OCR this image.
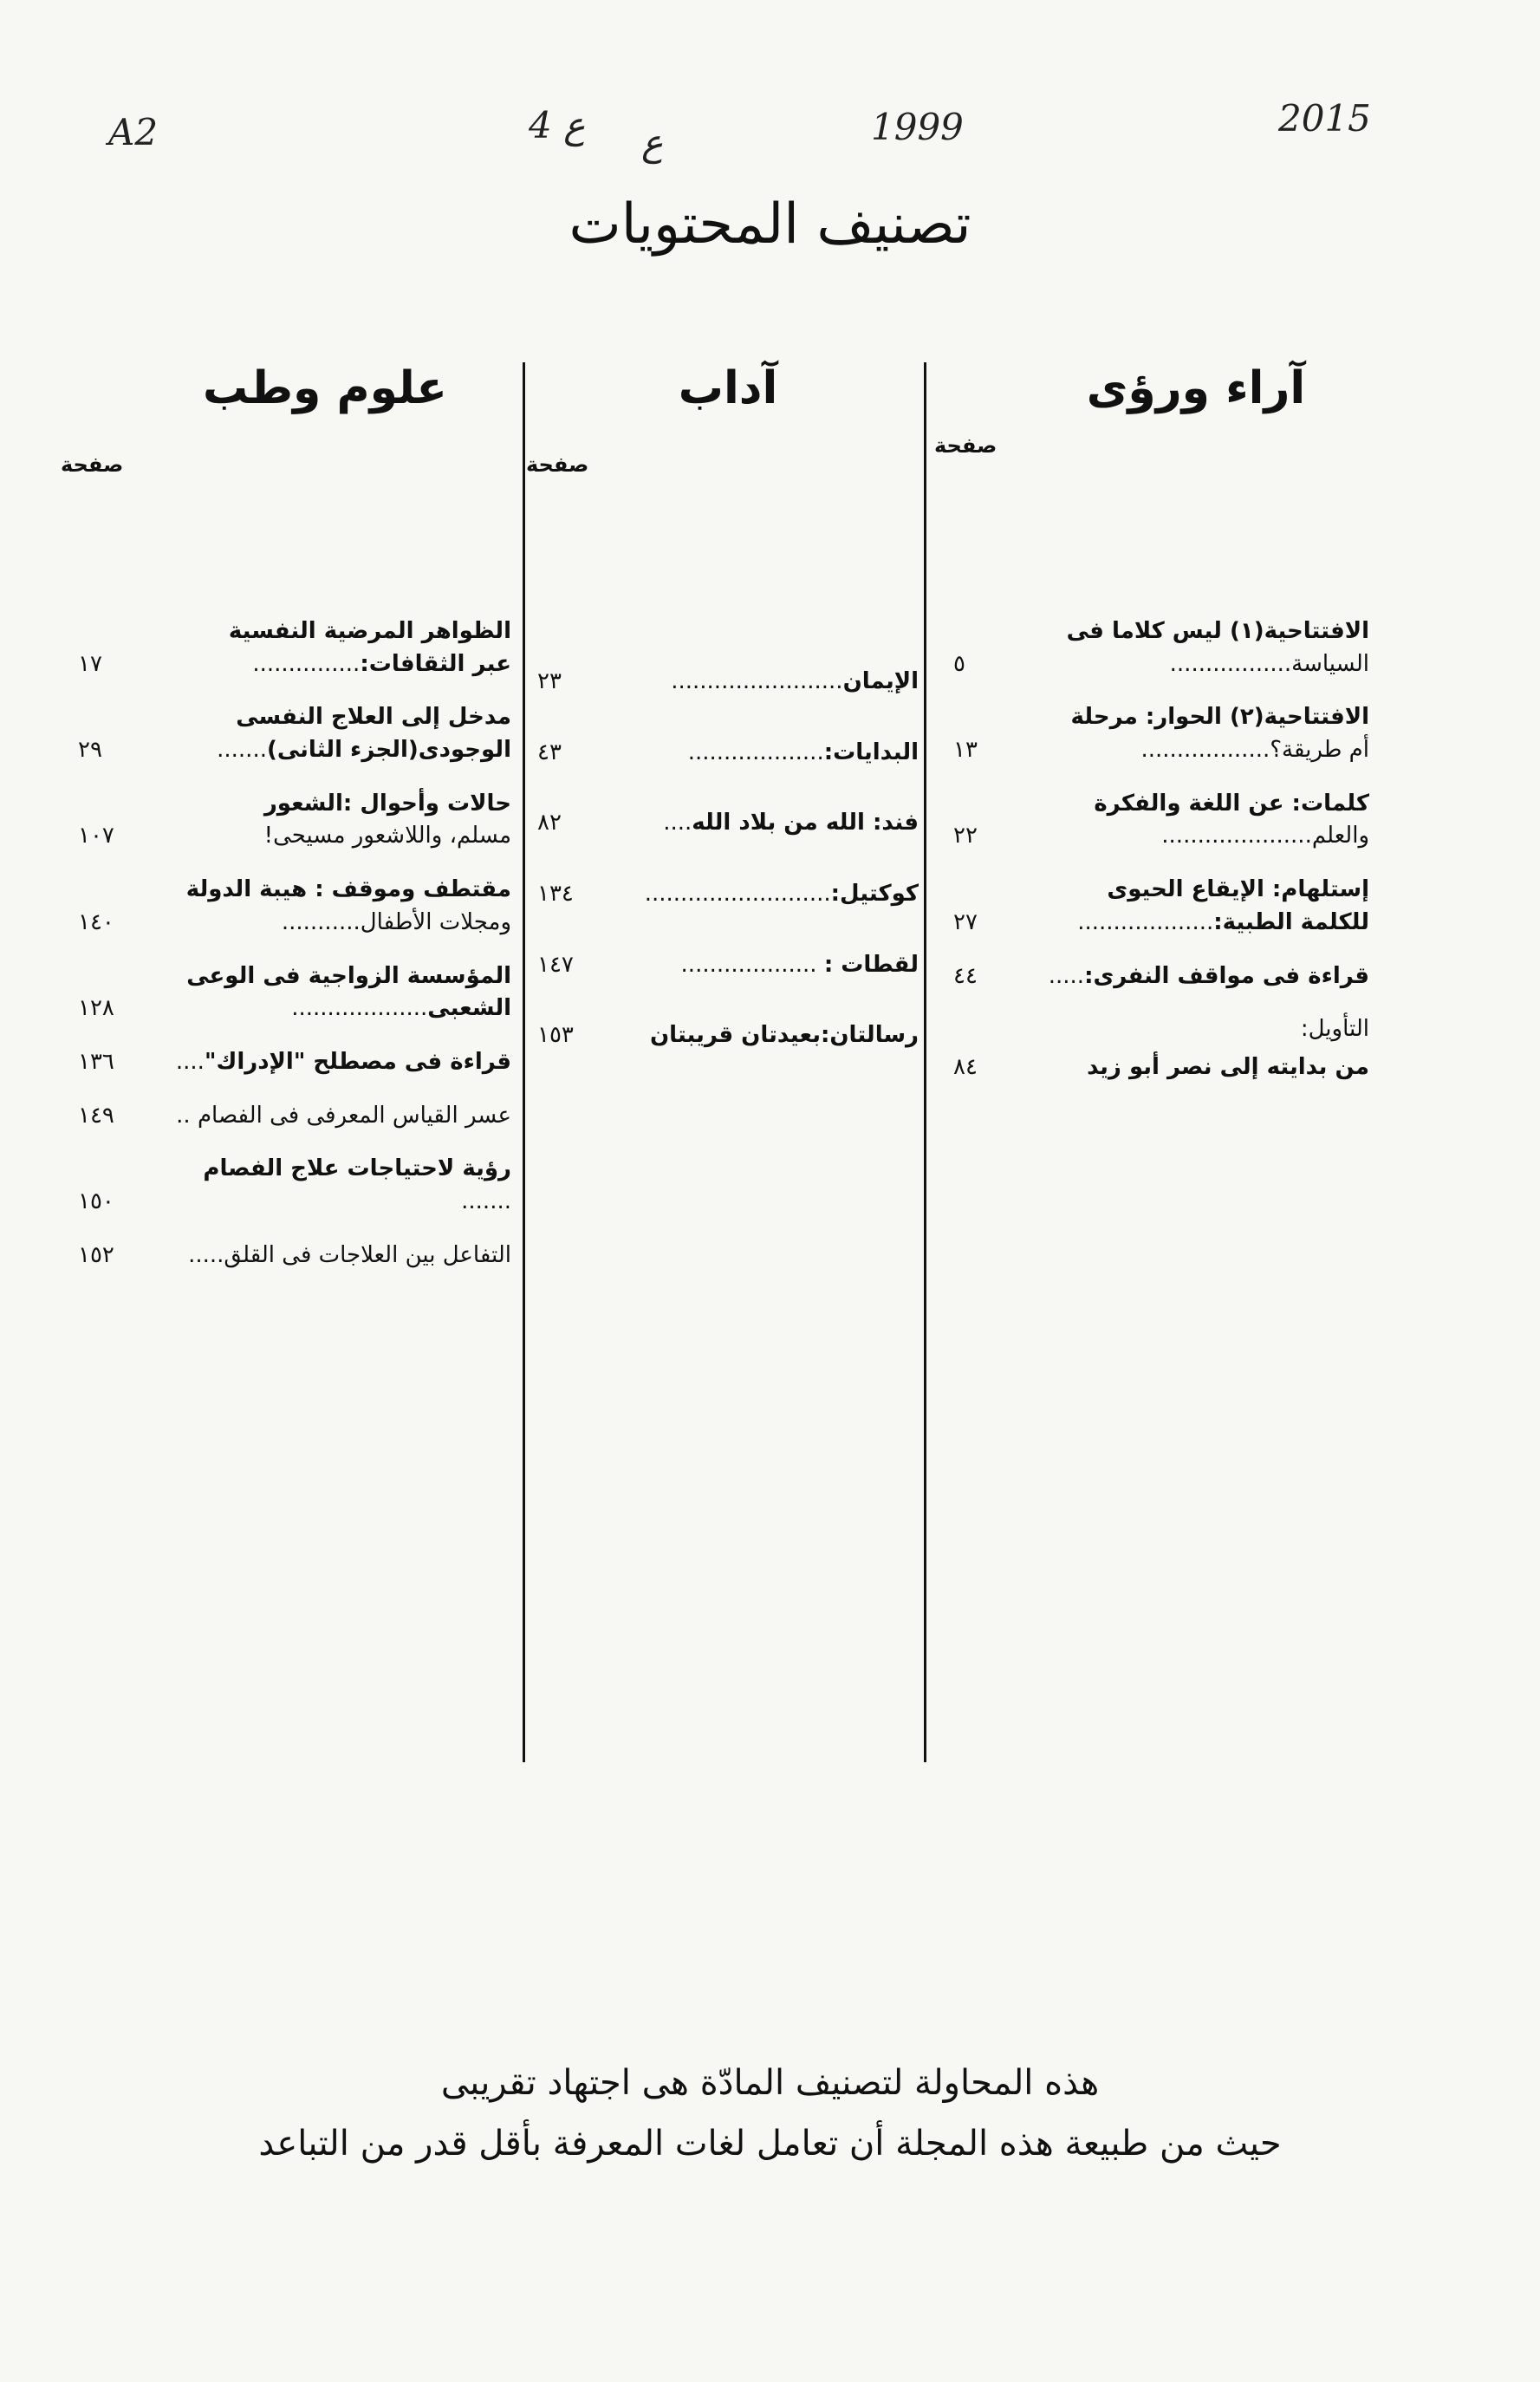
A2	ع 4 ع	1999	2015
تصنيف المحتويات
آراء ورؤى
آداب
علوم وطب
صفحة
صفحة
صفحة
الافتتاحية(١) ليس كلاما فى
السياسة.................
٥
الافتتاحية(٢) الحوار: مرحلة
أم طريقة؟..................
١٣
كلمات: عن اللغة والفكرة
والعلم.....................
٢٢
إستلهام: الإيقاع الحيوى
للكلمة الطبية:...................
٢٧
قراءة فى مواقف النفرى:.....
٤٤
التأويل:
من بدايته إلى نصر أبو زيد
٨٤
الإيمان........................
٢٣
البدايات:...................
٤٣
فند: الله من بلاد الله....
٨٢
كوكتيل:..........................
١٣٤
لقطات : ...................
١٤٧
رسالتان:بعيدتان قريبتان
١٥٣
الظواهر المرضية النفسية
عبر الثقافات:...............
١٧
مدخل إلى العلاج النفسى
الوجودى(الجزء الثانى).......
٢٩
حالات وأحوال :الشعور
مسلم، واللاشعور مسيحى!
١٠٧
مقتطف وموقف : هيبة الدولة
ومجلات الأطفال...........
١٤٠
المؤسسة الزواجية فى الوعى
الشعبى...................
١٢٨
قراءة فى مصطلح "الإدراك"....
١٣٦
عسر القياس المعرفى فى الفصام ..
١٤٩
رؤية لاحتياجات علاج الفصام .......
١٥٠
التفاعل بين العلاجات فى القلق.....
١٥٢
هذه المحاولة لتصنيف المادّة هى اجتهاد تقريبى
حيث من طبيعة هذه المجلة أن تعامل لغات المعرفة بأقل قدر من التباعد
